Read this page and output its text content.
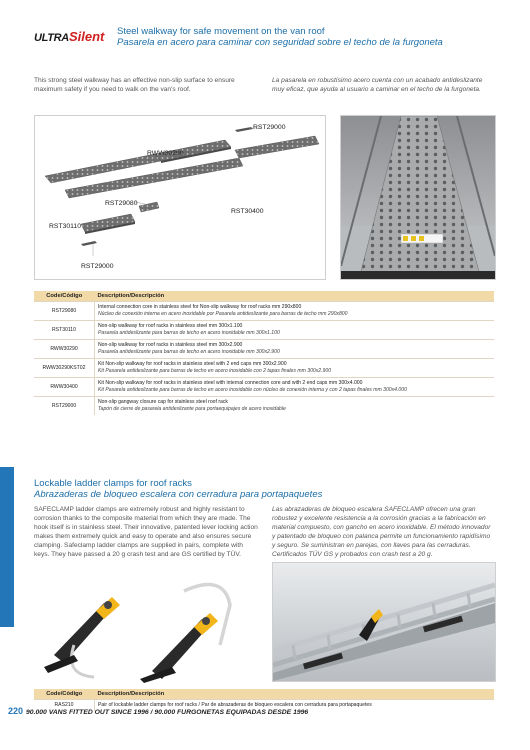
ULTRASilent	Steel walkway for safe movement on the van roof
Pasarela en acero para caminar con seguridad sobre el techo de la furgoneta
This strong steel walkway has an effective non-slip surface to ensure maximum safety if you need to walk on the van's roof.
La pasarela en robustísimo acero cuenta con un acabado antideslizante muy eficaz, que ayuda al usuario a caminar en el techo de la furgoneta.
RST29000
RWW30290
RST29080
RST30110
RST29000
RST30400
Code/Código	Description/Descripción
RST29080	Internal connection core in stainless steel for Non-slip walkway for roof racks mm 290x800
Núcleo de conexión interna en acero inoxidable por Pasarela antideslizante para barras de techo mm 290x800

RST30110	Non-slip walkway for roof racks in stainless steel mm 300x1.100
Pasarela antideslizante para barras de techo en acero inoxidable mm 300x1.100

RWW30290	Non-slip walkway for roof racks in stainless steel mm 300x2.900
Pasarela antideslizante para barras de techo en acero inoxidable mm 300x2.900

RWW30290KST02	Kit Non-slip walkway for roof racks in stainless steel with 2 end caps mm 300x2.900
Kit Pasarela antideslizante para barras de techo en acero inoxidable con 2 tapas finales mm 300x2.900

RWW30400	Kit Non-slip walkway for roof racks in stainless steel with internal connection core and with 2 end caps mm 300x4.000
Kit Pasarela antideslizante para barras de techo en acero inoxidable con núcleo de conexión interna y con 2 tapas finales mm 300x4.000

RST29000	Non-slip gangway closure cap for stainless steel roof rack
Tapón de cierre de pasarela antideslizante para portaequipajes de acero inoxidable
Lockable ladder clamps for roof racks
Abrazaderas de bloqueo escalera con cerradura para portapaquetes
SAFECLAMP ladder clamps are extremely robust and highly resistant to corrosion thanks to the composite material from which they are made. The hook itself is in stainless steel. Their innovative, patented lever locking action makes them extremely quick and easy to operate and also ensures secure clamping. Safeclamp ladder clamps are supplied in pairs, complete with keys. They have passed a 20 g crash test and are GS certified by TÜV.
Las abrazaderas de bloqueo escalera SAFECLAMP ofrecen una gran robustez y excelente resistencia a la corrosión gracias a la fabricación en material compuesto, con gancho en acero inoxidable. El método innovador y patentado de bloqueo con palanca permite un funcionamiento rapidísimo y seguro. Se suministran en parejas, con llaves para las cerraduras. Certificados TÜV GS y probados con crash test a 20 g.
Code/Código	Description/Descripción
RAS210	Pair of lockable ladder clamps for roof racks / Par de abrazaderas de bloqueo escalera con cerradura para portapaquetes
220 90.000 VANS FITTED OUT SINCE 1996 / 90.000 FURGONETAS EQUIPADAS DESDE 1996
